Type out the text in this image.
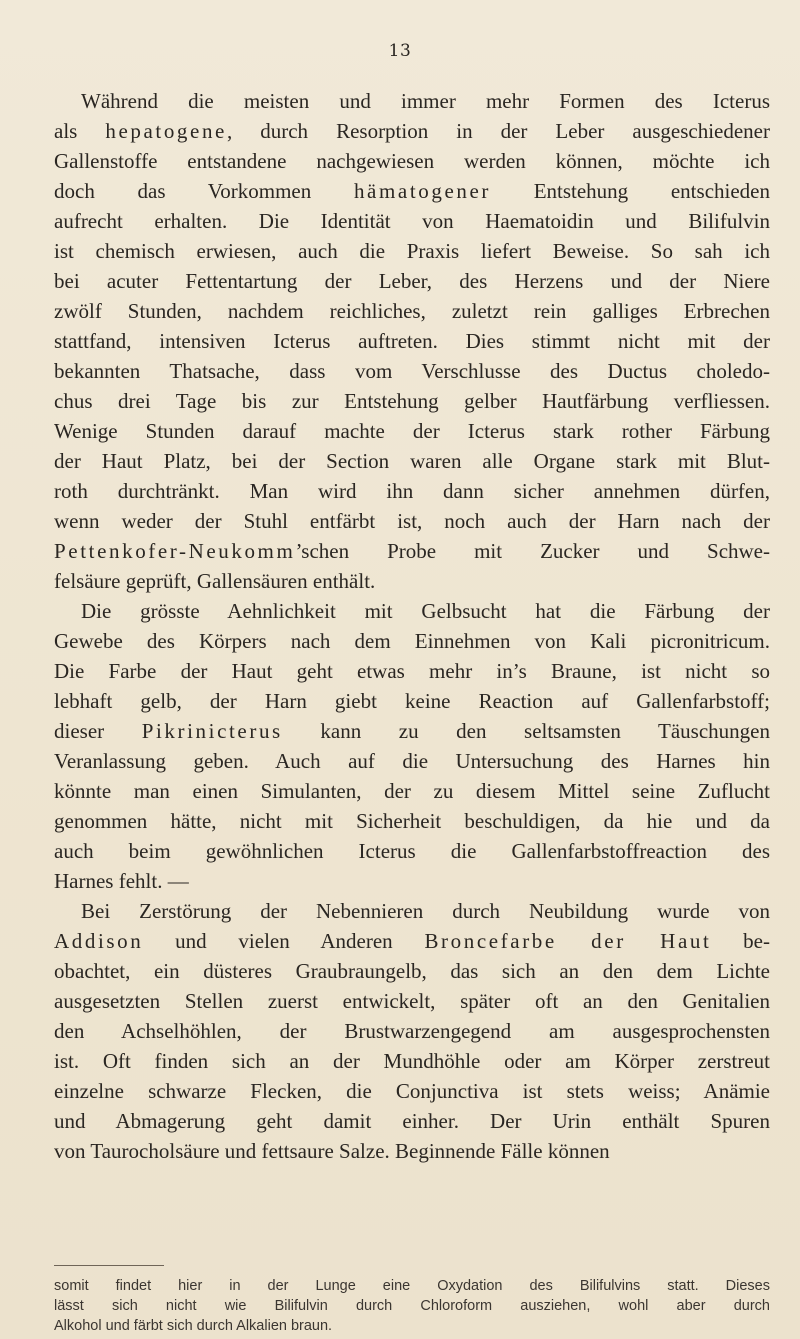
13
Während die meisten und immer mehr Formen des Icterus
als hepatogene, durch Resorption in der Leber ausgeschiedener
Gallenstoffe entstandene nachgewiesen werden können, möchte ich
doch das Vorkommen hämatogener Entstehung entschieden
aufrecht erhalten. Die Identität von Haematoidin und Bilifulvin
ist chemisch erwiesen, auch die Praxis liefert Beweise. So sah ich
bei acuter Fettentartung der Leber, des Herzens und der Niere
zwölf Stunden, nachdem reichliches, zuletzt rein galliges Erbrechen
stattfand, intensiven Icterus auftreten. Dies stimmt nicht mit der
bekannten Thatsache, dass vom Verschlusse des Ductus choledo-
chus drei Tage bis zur Entstehung gelber Hautfärbung verfliessen.
Wenige Stunden darauf machte der Icterus stark rother Färbung
der Haut Platz, bei der Section waren alle Organe stark mit Blut-
roth durchtränkt. Man wird ihn dann sicher annehmen dürfen,
wenn weder der Stuhl entfärbt ist, noch auch der Harn nach der
Pettenkofer-Neukomm’schen Probe mit Zucker und Schwe-
felsäure geprüft, Gallensäuren enthält.
Die grösste Aehnlichkeit mit Gelbsucht hat die Färbung der
Gewebe des Körpers nach dem Einnehmen von Kali picronitricum.
Die Farbe der Haut geht etwas mehr in’s Braune, ist nicht so
lebhaft gelb, der Harn giebt keine Reaction auf Gallenfarbstoff;
dieser Pikrinicterus kann zu den seltsamsten Täuschungen
Veranlassung geben. Auch auf die Untersuchung des Harnes hin
könnte man einen Simulanten, der zu diesem Mittel seine Zuflucht
genommen hätte, nicht mit Sicherheit beschuldigen, da hie und da
auch beim gewöhnlichen Icterus die Gallenfarbstoffreaction des
Harnes fehlt. —
Bei Zerstörung der Nebennieren durch Neubildung wurde von
Addison und vielen Anderen Broncefarbe der Haut be-
obachtet, ein düsteres Graubraungelb, das sich an den dem Lichte
ausgesetzten Stellen zuerst entwickelt, später oft an den Genitalien
den Achselhöhlen, der Brustwarzengegend am ausgesprochensten
ist. Oft finden sich an der Mundhöhle oder am Körper zerstreut
einzelne schwarze Flecken, die Conjunctiva ist stets weiss; Anämie
und Abmagerung geht damit einher. Der Urin enthält Spuren
von Taurocholsäure und fettsaure Salze. Beginnende Fälle können
somit findet hier in der Lunge eine Oxydation des Bilifulvins statt. Dieses
lässt sich nicht wie Bilifulvin durch Chloroform ausziehen, wohl aber durch
Alkohol und färbt sich durch Alkalien braun.
